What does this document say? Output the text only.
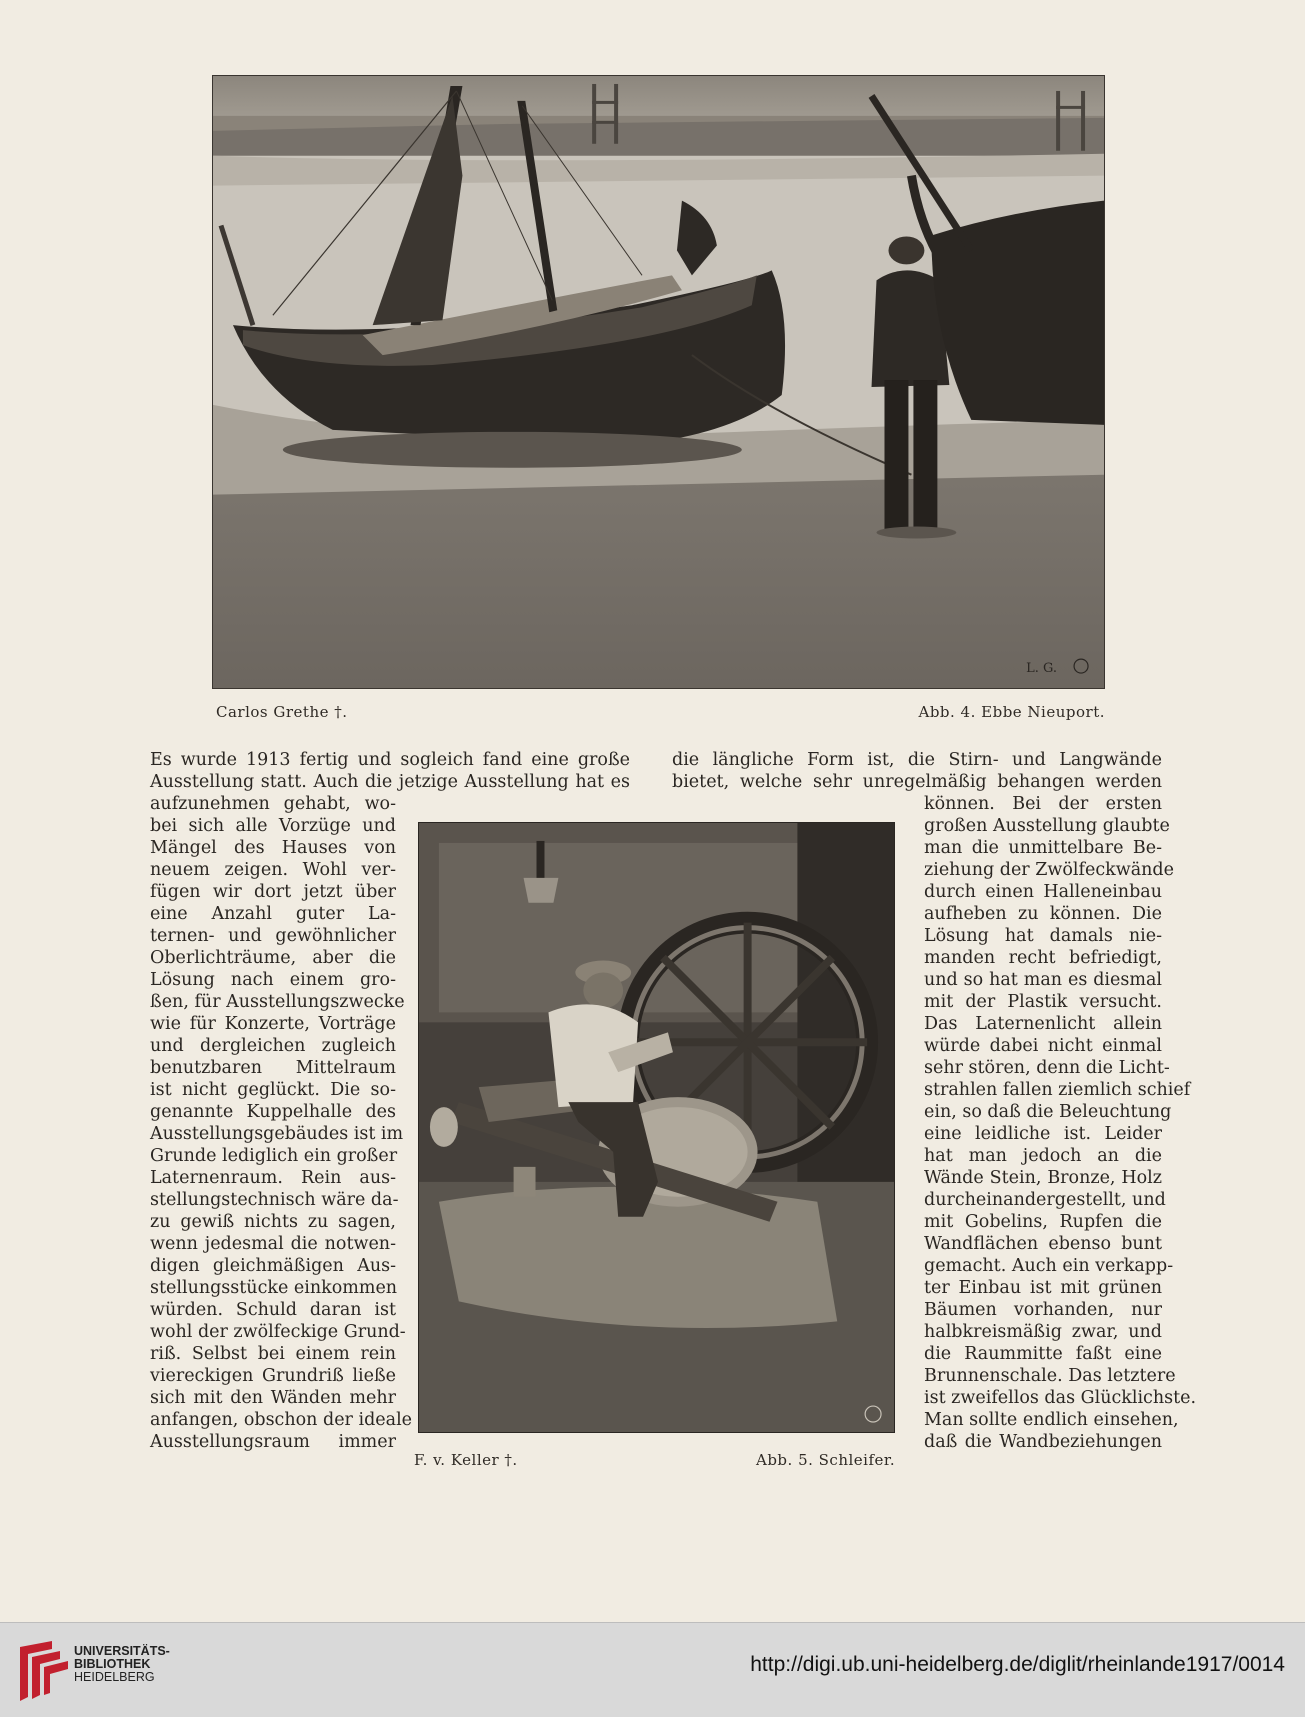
L. G.
Carlos Grethe †.	Abb. 4. Ebbe Nieuport.
Es wurde 1913 fertig und sogleich fand eine große die längliche Form ist, die Stirn- und Langwände
Ausstellung statt. Auch die jetzige Ausstellung hat es bietet, welche sehr unregelmäßig behangen werden
F. v. Keller †.	Abb. 5. Schleifer.
aufzunehmen gehabt, wo-
bei sich alle Vorzüge und
Mängel des Hauses von
neuem zeigen. Wohl ver-
fügen wir dort jetzt über
eine Anzahl guter La-
ternen- und gewöhnlicher
Oberlichträume, aber die
Lösung nach einem gro-
ßen, für Ausstellungszwecke
wie für Konzerte, Vorträge
und dergleichen zugleich
benutzbaren Mittelraum
ist nicht geglückt. Die so-
genannte Kuppelhalle des
Ausstellungsgebäudes ist im
Grunde lediglich ein großer
Laternenraum. Rein aus-
stellungstechnisch wäre da-
zu gewiß nichts zu sagen,
wenn jedesmal die notwen-
digen gleichmäßigen Aus-
stellungsstücke einkommen
würden. Schuld daran ist
wohl der zwölfeckige Grund-
riß. Selbst bei einem rein
viereckigen Grundriß ließe
sich mit den Wänden mehr
anfangen, obschon der ideale
Ausstellungsraum immer
können. Bei der ersten
großen Ausstellung glaubte
man die unmittelbare Be-
ziehung der Zwölfeckwände
durch einen Halleneinbau
aufheben zu können. Die
Lösung hat damals nie-
manden recht befriedigt,
und so hat man es diesmal
mit der Plastik versucht.
Das Laternenlicht allein
würde dabei nicht einmal
sehr stören, denn die Licht-
strahlen fallen ziemlich schief
ein, so daß die Beleuchtung
eine leidliche ist. Leider
hat man jedoch an die
Wände Stein, Bronze, Holz
durcheinandergestellt, und
mit Gobelins, Rupfen die
Wandflächen ebenso bunt
gemacht. Auch ein verkapp-
ter Einbau ist mit grünen
Bäumen vorhanden, nur
halbkreismäßig zwar, und
die Raummitte faßt eine
Brunnenschale. Das letztere
ist zweifellos das Glücklichste.
Man sollte endlich einsehen,
daß die Wandbeziehungen
UNIVERSITÄTS-
BIBLIOTHEK
HEIDELBERG
http://digi.ub.uni-heidelberg.de/diglit/rheinlande1917/0014
